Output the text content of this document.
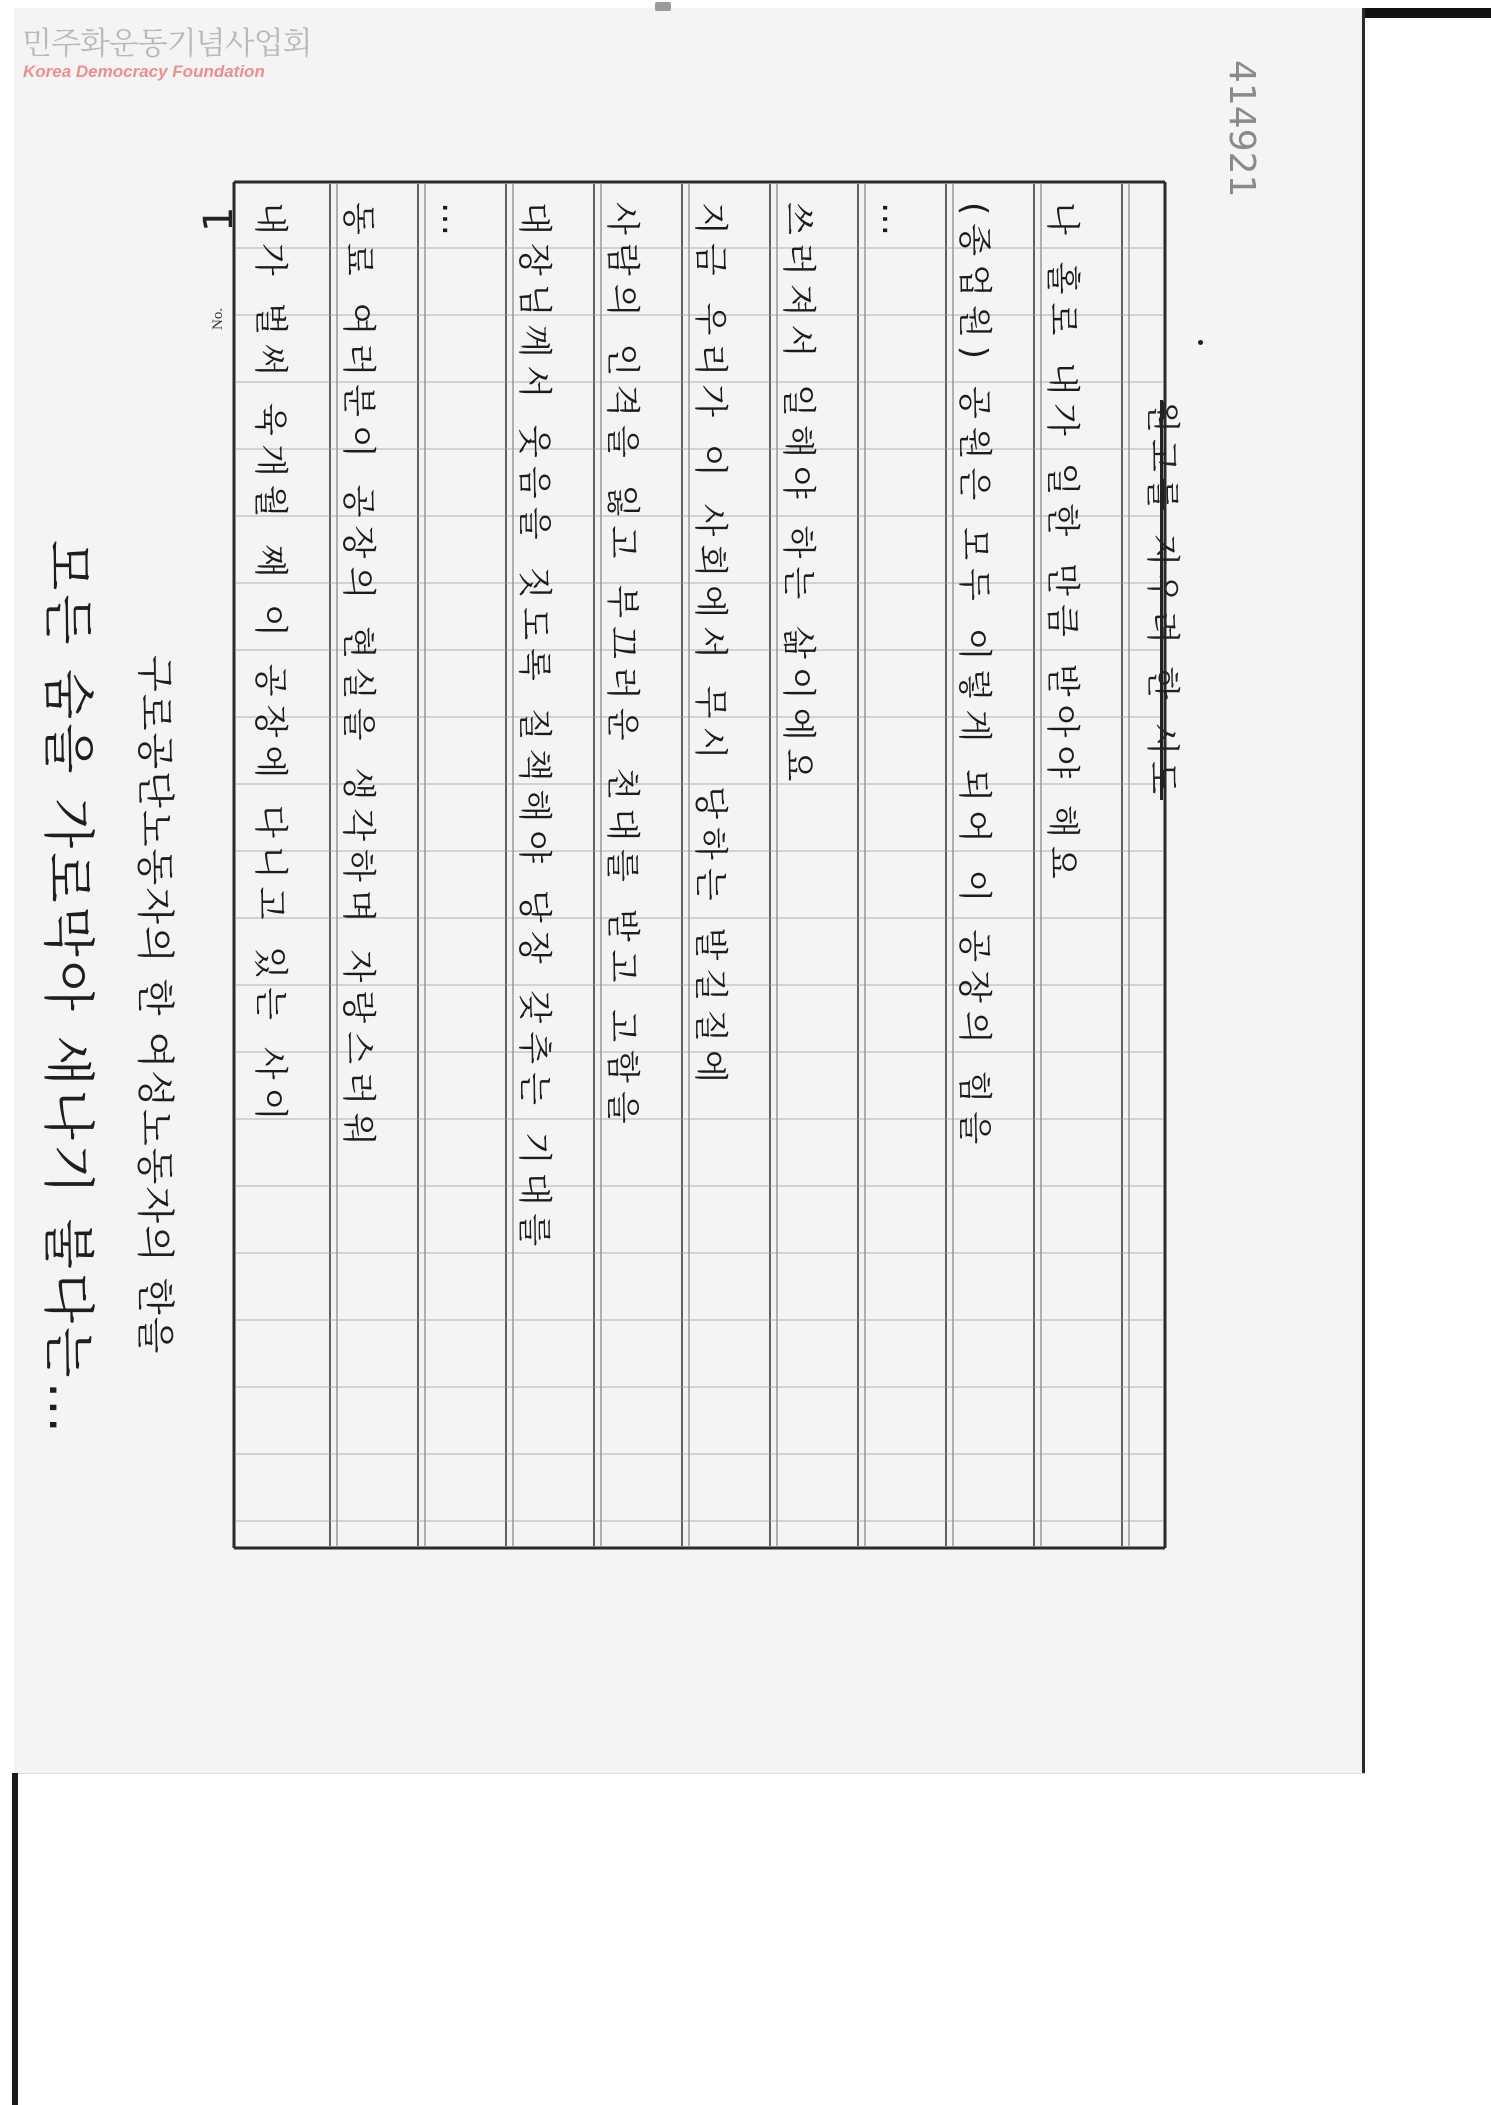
민주화운동기념사업회
Korea Democracy Foundation	414921
No.
1
모든 숨을 가로막아 새나기 불다는… 구로공단노동자의 한 여성노동자의 한을 내가 벌써 육개월 째 이 공장에 다니고 있는 사이 동료 여러분이 공장의 현실을 생각하며 자랑스러워 … 대장님께서 웃음을 짓도록 질책해야 당장 갖추는 기대를 사람의 인격을 잃고 부끄러운 천대를 받고 고함을 지금 우리가 이 사회에서 무시 당하는 발길질에 쓰러져서 일해야 하는 삶이에요 … (종업원) 공원은 모두 이렇게 되어 이 공장의 힘을 나 홀로 내가 일한 만큼 받아야 해요 원고를 지우려 한 시도
